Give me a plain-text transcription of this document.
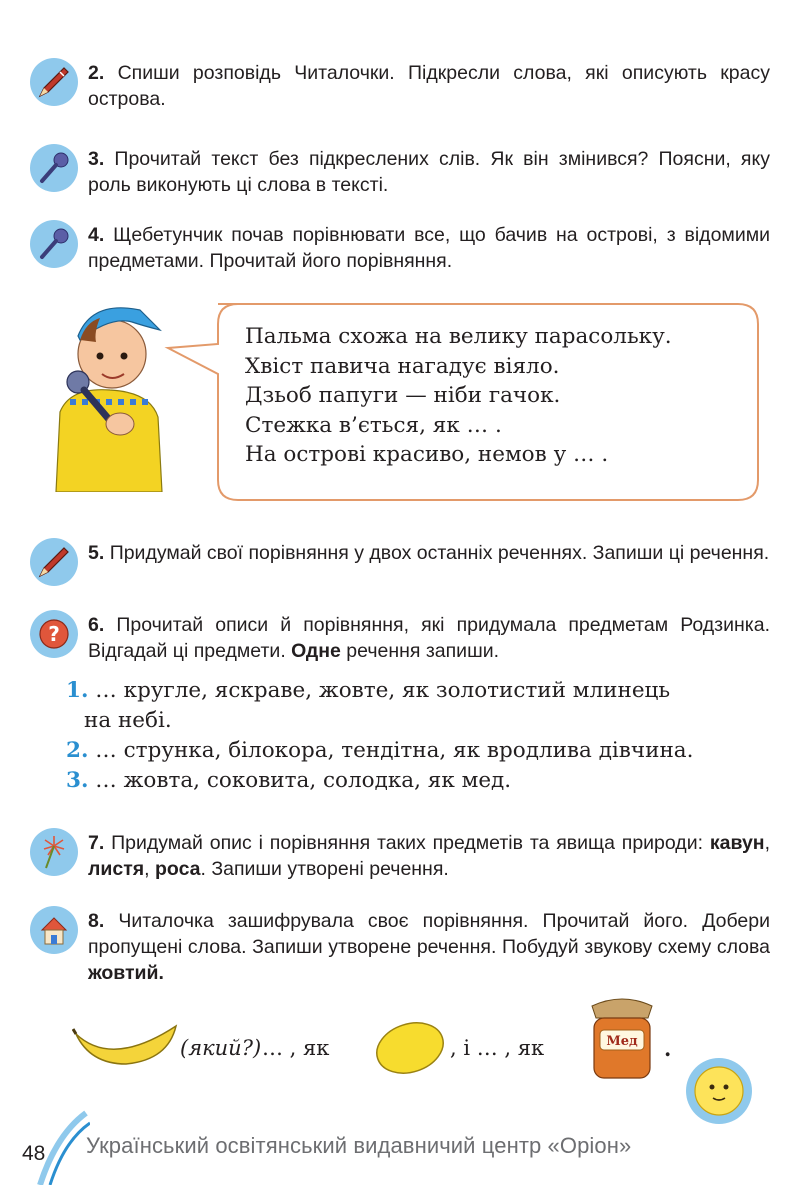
2. Спиши розповідь Читалочки. Підкресли слова, які описують красу острова.
3. Прочитай текст без підкреслених слів. Як він змінився? Поясни, яку роль виконують ці слова в тексті.
4. Щебетунчик почав порівнювати все, що бачив на острові, з відомими предметами. Прочитай його порівняння.
Пальма схожа на велику парасольку.
Хвіст павича нагадує віяло.
Дзьоб папуги — ніби гачок.
Стежка в’ється, як … .
На острові красиво, немов у … .
5. Придумай свої порівняння у двох останніх реченнях. Запиши ці речення.
? 6. Прочитай описи й порівняння, які придумала предметам Родзинка. Відгадай ці предмети. Одне речення запиши.
1. … кругле, яскраве, жовте, як золотистий млинець
на небі.
2. … струнка, білокора, тендітна, як вродлива дівчина.
3. … жовта, соковита, солодка, як мед.
7. Придумай опис і порівняння таких предметів та явища природи: кавун, листя, роса. Запиши утворені речення.
8. Читалочка зашифрувала своє порівняння. Прочитай його. Добери пропущені слова. Запиши утворене речення. Побудуй звукову схему слова жовтий.
(який?) … , як	, і … , як	Мед .
48 Український освітянський видавничий центр «Оріон»
